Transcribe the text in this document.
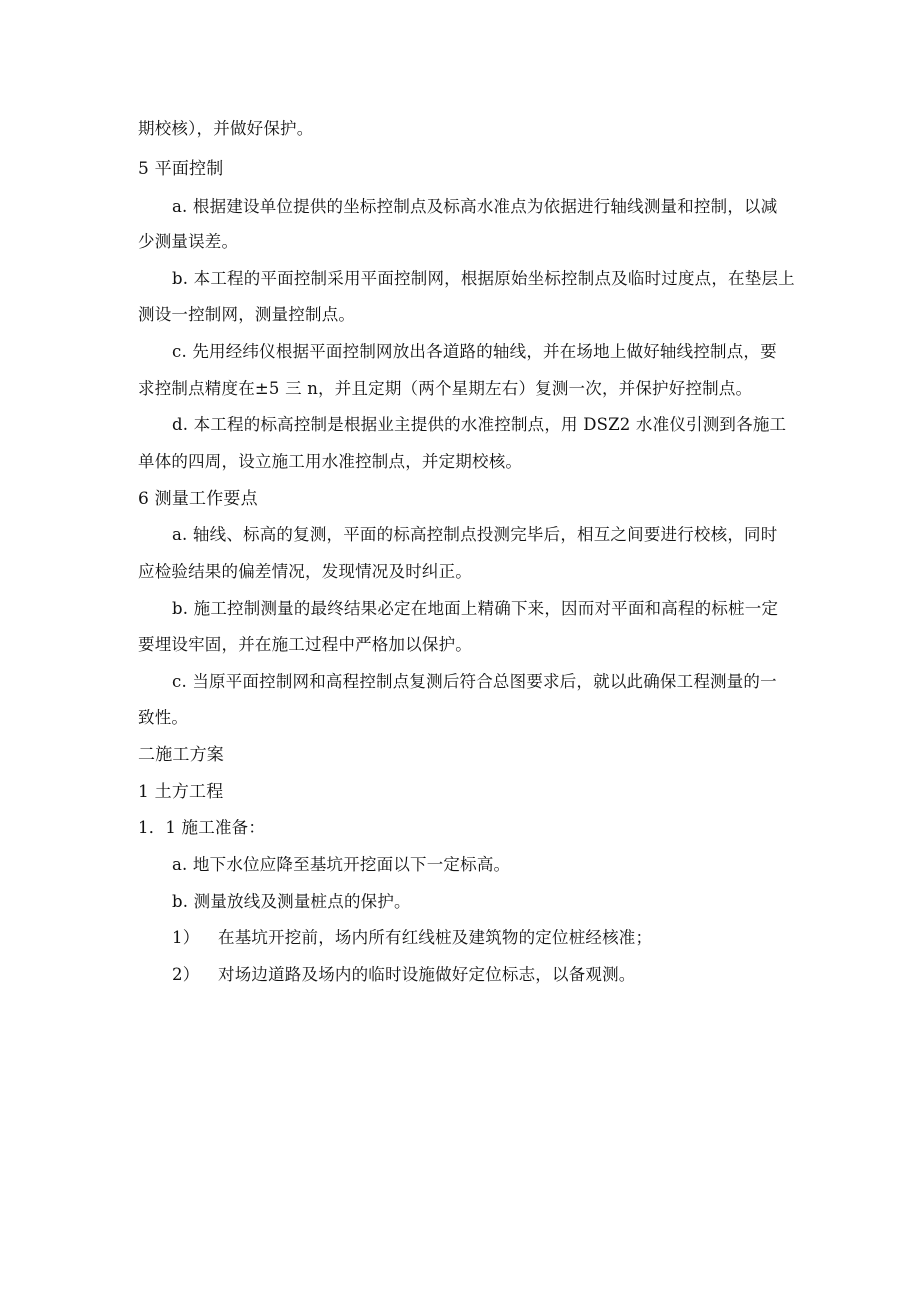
期校核），并做好保护。
5 平面控制
a. 根据建设单位提供的坐标控制点及标高水准点为依据进行轴线测量和控制，以减
少测量误差。
b. 本工程的平面控制采用平面控制网，根据原始坐标控制点及临时过度点，在垫层上
测设一控制网，测量控制点。
c. 先用经纬仪根据平面控制网放出各道路的轴线，并在场地上做好轴线控制点，要
求控制点精度在±5 三 n，并且定期（两个星期左右）复测一次，并保护好控制点。
d. 本工程的标高控制是根据业主提供的水准控制点，用 DSZ2 水准仪引测到各施工
单体的四周，设立施工用水准控制点，并定期校核。
6 测量工作要点
a. 轴线、标高的复测，平面的标高控制点投测完毕后，相互之间要进行校核，同时
应检验结果的偏差情况，发现情况及时纠正。
b. 施工控制测量的最终结果必定在地面上精确下来，因而对平面和高程的标桩一定
要埋设牢固，并在施工过程中严格加以保护。
c. 当原平面控制网和高程控制点复测后符合总图要求后，就以此确保工程测量的一
致性。
二施工方案
1 土方工程
1．1 施工准备：
a. 地下水位应降至基坑开挖面以下一定标高。
b. 测量放线及测量桩点的保护。
1） 在基坑开挖前，场内所有红线桩及建筑物的定位桩经核准；
2） 对场边道路及场内的临时设施做好定位标志，以备观测。
